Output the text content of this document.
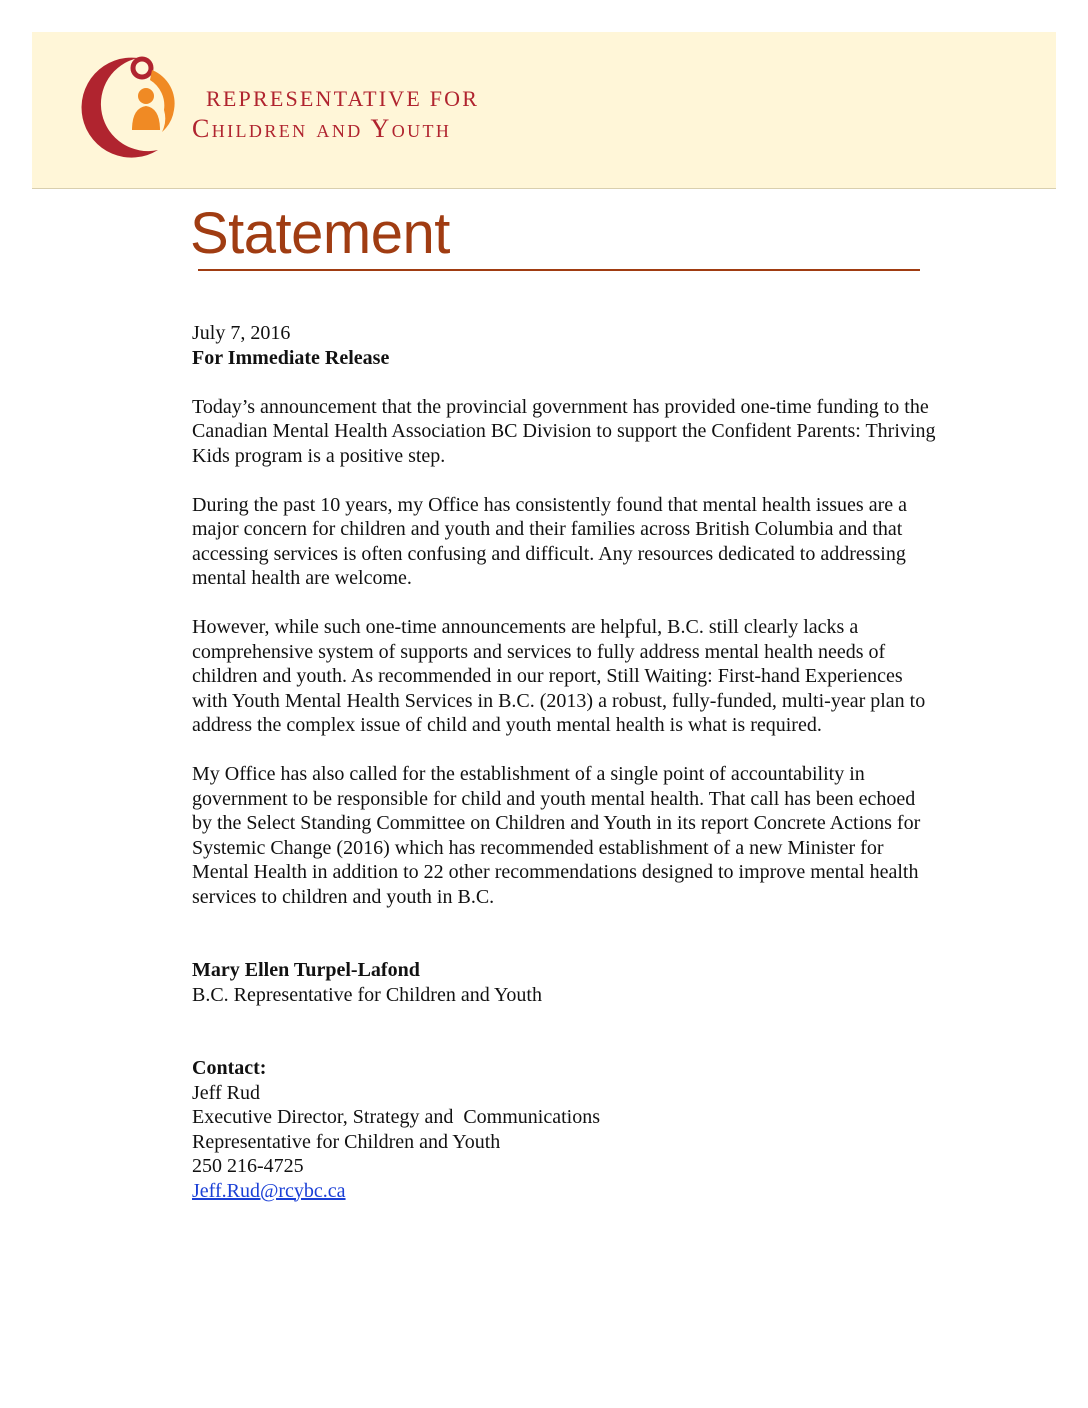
REPRESENTATIVE FOR
Children and Youth
Statement

July 7, 2016

For Immediate Release

Today’s announcement that the provincial government has provided one-time funding to the Canadian Mental Health Association BC Division to support the Confident Parents: Thriving Kids program is a positive step.

During the past 10 years, my Office has consistently found that mental health issues are a major concern for children and youth and their families across British Columbia and that accessing services is often confusing and difficult. Any resources dedicated to addressing mental health are welcome.

However, while such one-time announcements are helpful, B.C. still clearly lacks a comprehensive system of supports and services to fully address mental health needs of children and youth. As recommended in our report, Still Waiting: First-hand Experiences with Youth Mental Health Services in B.C. (2013) a robust, fully-funded, multi-year plan to address the complex issue of child and youth mental health is what is required.

My Office has also called for the establishment of a single point of accountability in government to be responsible for child and youth mental health. That call has been echoed by the Select Standing Committee on Children and Youth in its report Concrete Actions for Systemic Change (2016) which has recommended establishment of a new Minister for Mental Health in addition to 22 other recommendations designed to improve mental health services to children and youth in B.C.

Mary Ellen Turpel-Lafond

B.C. Representative for Children and Youth

Contact:

Jeff Rud

Executive Director, Strategy and  Communications

Representative for Children and Youth

250 216-4725

Jeff.Rud@rcybc.ca
